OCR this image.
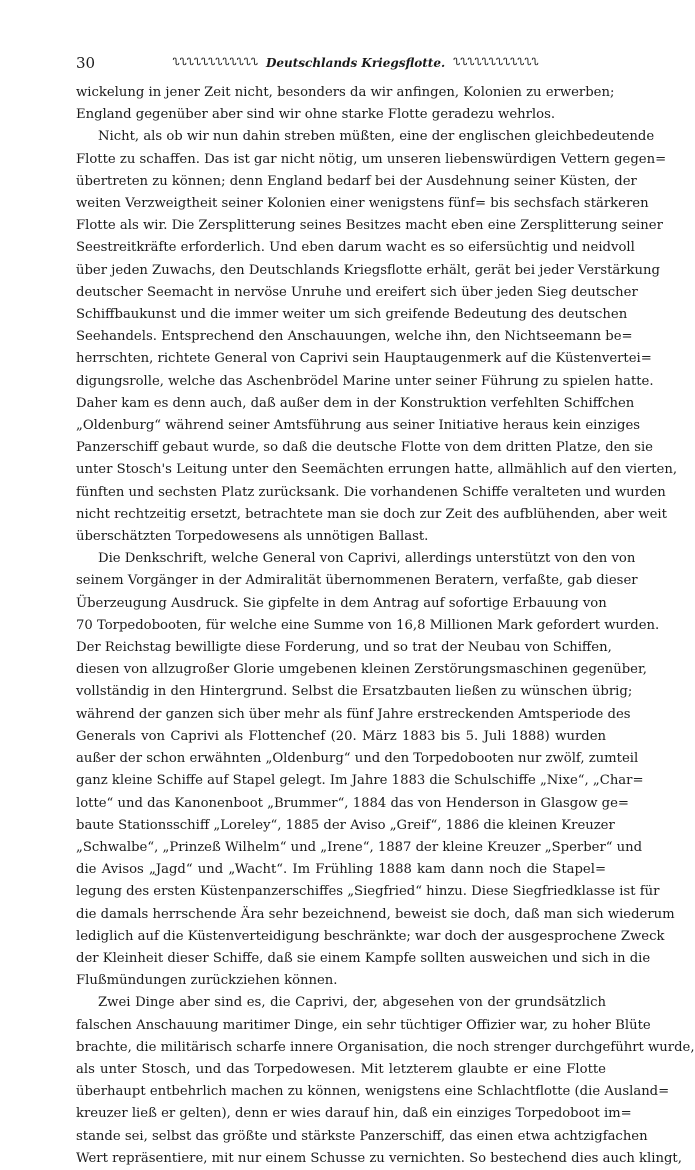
30	ᔐᔐᔐᔐᔐᔐᔐᔐᔐᔐᔐᔐ Deutschlands Kriegsflotte. ᔐᔐᔐᔐᔐᔐᔐᔐᔐᔐᔐᔐ

wickelung in jener Zeit nicht, besonders da wir anfingen, Kolonien zu erwerben;
England gegenüber aber sind wir ohne starke Flotte geradezu wehrlos.

Nicht, als ob wir nun dahin streben müßten, eine der englischen gleichbedeutende
Flotte zu schaffen. Das ist gar nicht nötig, um unseren liebenswürdigen Vettern gegen=
übertreten zu können; denn England bedarf bei der Ausdehnung seiner Küsten, der
weiten Verzweigtheit seiner Kolonien einer wenigstens fünf= bis sechsfach stärkeren
Flotte als wir. Die Zersplitterung seines Besitzes macht eben eine Zersplitterung seiner
Seestreitkräfte erforderlich. Und eben darum wacht es so eifersüchtig und neidvoll
über jeden Zuwachs, den Deutschlands Kriegsflotte erhält, gerät bei jeder Verstärkung
deutscher Seemacht in nervöse Unruhe und ereifert sich über jeden Sieg deutscher
Schiffbaukunst und die immer weiter um sich greifende Bedeutung des deutschen
Seehandels. Entsprechend den Anschauungen, welche ihn, den Nichtseemann be=
herrschten, richtete General von Caprivi sein Hauptaugenmerk auf die Küstenvertei=
digungsrolle, welche das Aschenbrödel Marine unter seiner Führung zu spielen hatte.
Daher kam es denn auch, daß außer dem in der Konstruktion verfehlten Schiffchen
„Oldenburg“ während seiner Amtsführung aus seiner Initiative heraus kein einziges
Panzerschiff gebaut wurde, so daß die deutsche Flotte von dem dritten Platze, den sie
unter Stosch's Leitung unter den Seemächten errungen hatte, allmählich auf den vierten,
fünften und sechsten Platz zurücksank. Die vorhandenen Schiffe veralteten und wurden
nicht rechtzeitig ersetzt, betrachtete man sie doch zur Zeit des aufblühenden, aber weit
überschätzten Torpedowesens als unnötigen Ballast.

Die Denkschrift, welche General von Caprivi, allerdings unterstützt von den von
seinem Vorgänger in der Admiralität übernommenen Beratern, verfaßte, gab dieser
Überzeugung Ausdruck. Sie gipfelte in dem Antrag auf sofortige Erbauung von
70 Torpedobooten, für welche eine Summe von 16,8 Millionen Mark gefordert wurden.
Der Reichstag bewilligte diese Forderung, und so trat der Neubau von Schiffen,
diesen von allzugroßer Glorie umgebenen kleinen Zerstörungsmaschinen gegenüber,
vollständig in den Hintergrund. Selbst die Ersatzbauten ließen zu wünschen übrig;
während der ganzen sich über mehr als fünf Jahre erstreckenden Amtsperiode des
Generals von Caprivi als Flottenchef (20. März 1883 bis 5. Juli 1888) wurden
außer der schon erwähnten „Oldenburg“ und den Torpedobooten nur zwölf, zumteil
ganz kleine Schiffe auf Stapel gelegt. Im Jahre 1883 die Schulschiffe „Nixe“, „Char=
lotte“ und das Kanonenboot „Brummer“, 1884 das von Henderson in Glasgow ge=
baute Stationsschiff „Loreley“, 1885 der Aviso „Greif“, 1886 die kleinen Kreuzer
„Schwalbe“, „Prinzeß Wilhelm“ und „Irene“, 1887 der kleine Kreuzer „Sperber“ und
die Avisos „Jagd“ und „Wacht“. Im Frühling 1888 kam dann noch die Stapel=
legung des ersten Küstenpanzerschiffes „Siegfried“ hinzu. Diese Siegfriedklasse ist für
die damals herrschende Ära sehr bezeichnend, beweist sie doch, daß man sich wiederum
lediglich auf die Küstenverteidigung beschränkte; war doch der ausgesprochene Zweck
der Kleinheit dieser Schiffe, daß sie einem Kampfe sollten ausweichen und sich in die
Flußmündungen zurückziehen können.

Zwei Dinge aber sind es, die Caprivi, der, abgesehen von der grundsätzlich
falschen Anschauung maritimer Dinge, ein sehr tüchtiger Offizier war, zu hoher Blüte
brachte, die militärisch scharfe innere Organisation, die noch strenger durchgeführt wurde,
als unter Stosch, und das Torpedowesen. Mit letzterem glaubte er eine Flotte
überhaupt entbehrlich machen zu können, wenigstens eine Schlachtflotte (die Ausland=
kreuzer ließ er gelten), denn er wies darauf hin, daß ein einziges Torpedoboot im=
stande sei, selbst das größte und stärkste Panzerschiff, das einen etwa achtzigfachen
Wert repräsentiere, mit nur einem Schusse zu vernichten. So bestechend dies auch klingt,
